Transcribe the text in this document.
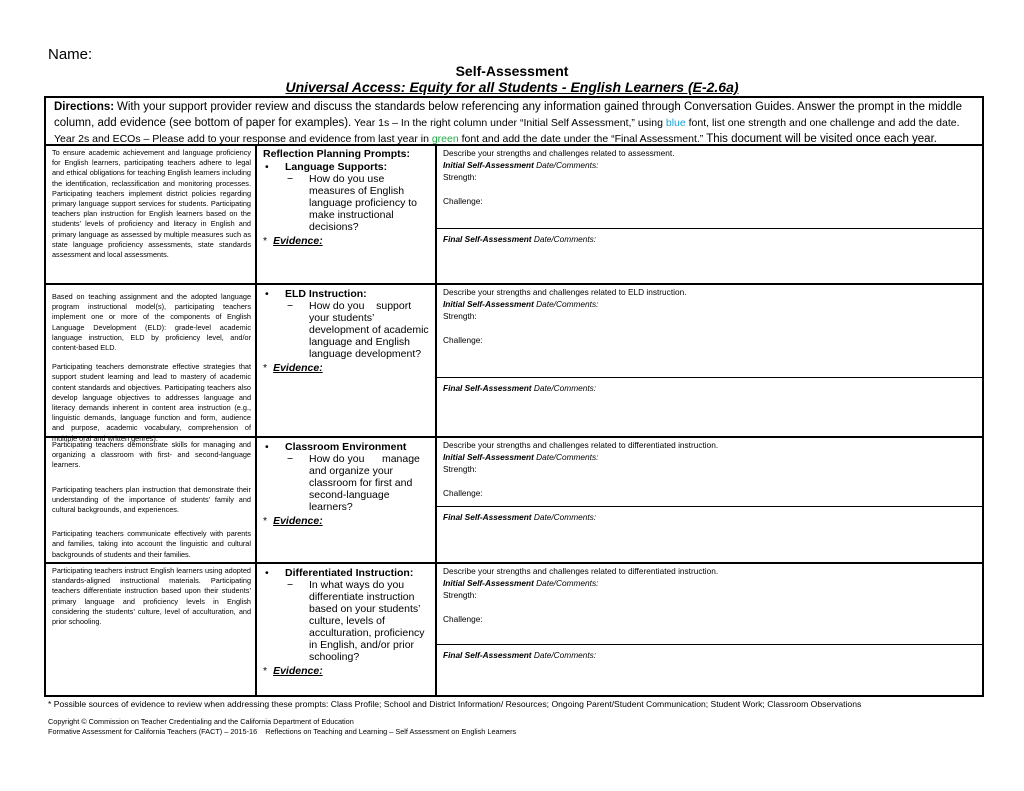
Name:
Self-Assessment
Universal Access: Equity for all Students - English Learners (E-2.6a)
Directions: With your support provider review and discuss the standards below referencing any information gained through Conversation Guides. Answer the prompt in the middle column, add evidence (see bottom of paper for examples). Year 1s – In the right column under “Initial Self Assessment,” using blue font, list one strength and one challenge and add the date. Year 2s and ECOs – Please add to your response and evidence from last year in green font and add the date under the “Final Assessment.” This document will be visited once each year.

To ensure academic achievement and language proficiency for English learners, participating teachers adhere to legal and ethical obligations for teaching English learners including the identification, reclassification and monitoring processes. Participating teachers implement district policies regarding primary language support services for students. Participating teachers plan instruction for English learners based on the students’ levels of proficiency and literacy in English and primary language as assessed by multiple measures such as state language proficiency assessments, state standards assessment and local assessments.

Reflection Planning Prompts:
• Language Supports:
− How do you use measures of English language proficiency to make instructional decisions?
* Evidence:
Describe your strengths and challenges related to assessment.
Initial Self-Assessment Date/Comments:
Strength:
Challenge:
Final Self-Assessment Date/Comments:

Based on teaching assignment and the adopted language program instructional model(s), participating teachers implement one or more of the components of English Language Development (ELD): grade-level academic language instruction, ELD by proficiency level, and/or content-based ELD.

Participating teachers demonstrate effective strategies that support student learning and lead to mastery of academic content standards and objectives. Participating teachers also develop language objectives to addresses language and literacy demands inherent in content area instruction (e.g., linguistic demands, language function and form, audience and purpose, academic vocabulary, comprehension of multiple oral and written genres).

• ELD Instruction:
− How do you    support your students’ development of academic language and English language development?
* Evidence:
Describe your strengths and challenges related to ELD instruction.
Initial Self-Assessment Date/Comments:
Strength:
Challenge:
Final Self-Assessment Date/Comments:

Participating teachers demonstrate skills for managing and organizing a classroom with first- and second-language learners.

Participating teachers plan instruction that demonstrate their understanding of the importance of students’ family and cultural backgrounds, and experiences.

Participating teachers communicate effectively with parents and families, taking into account the linguistic and cultural backgrounds of students and their families.

• Classroom Environment
− How do you      manage and organize your classroom for first and second-language learners?
* Evidence:
Describe your strengths and challenges related to differentiated instruction.
Initial Self-Assessment Date/Comments:
Strength:
Challenge:
Final Self-Assessment Date/Comments:

Participating teachers instruct English learners using adopted standards-aligned instructional materials. Participating teachers differentiate instruction based upon their students’ primary language and proficiency levels in English considering the students’ culture, level of acculturation, and prior schooling.

• Differentiated Instruction:
− In what ways do you differentiate instruction based on your students’ culture, levels of acculturation, proficiency in English, and/or prior schooling?
* Evidence:
Describe your strengths and challenges related to differentiated instruction.
Initial Self-Assessment Date/Comments:
Strength:
Challenge:
Final Self-Assessment Date/Comments:
* Possible sources of evidence to review when addressing these prompts: Class Profile; School and District Information/ Resources; Ongoing Parent/Student Communication; Student Work; Classroom Observations
Copyright © Commission on Teacher Credentialing and the California Department of Education
Formative Assessment for California Teachers (FACT) – 2015-16    Reflections on Teaching and Learning – Self Assessment on English Learners
